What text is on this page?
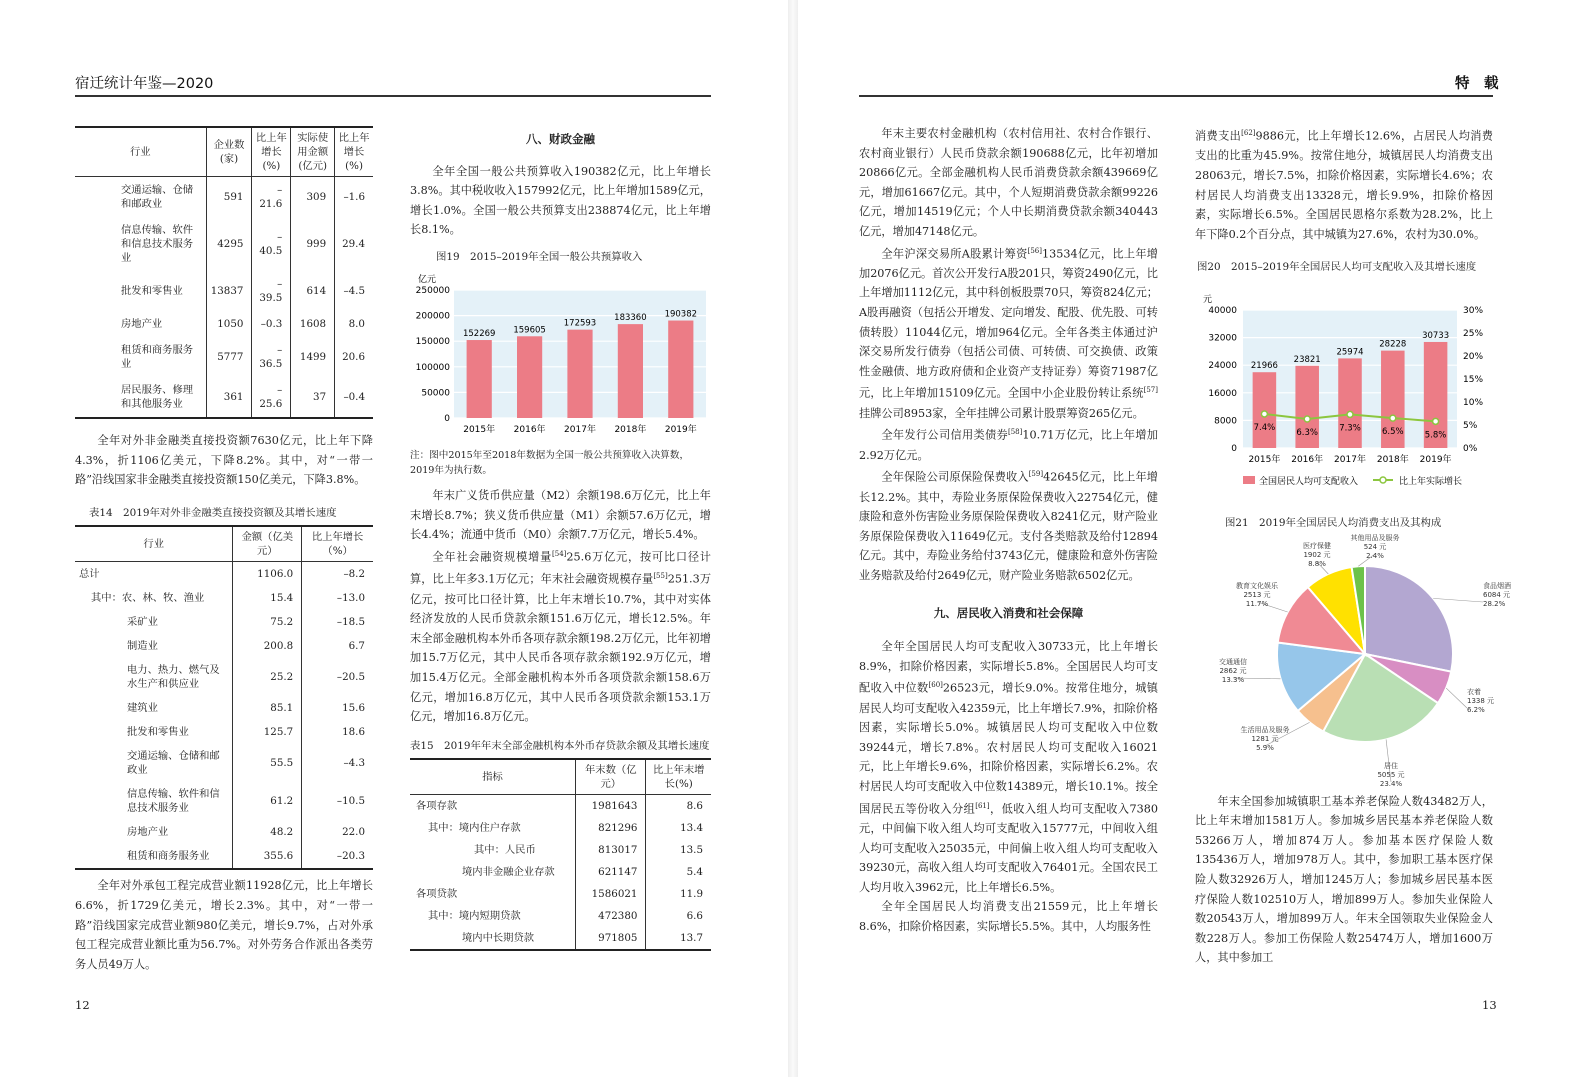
宿迁统计年鉴—2020
行业	企业数(家)	比上年增长(%)	实际使用金额(亿元)	比上年增长(%)
交通运输、仓储和邮政业	591	–21.6	309	–1.6
信息传输、软件和信息技术服务业	4295	–40.5	999	29.4
批发和零售业	13837	–39.5	614	–4.5
房地产业	1050	–0.3	1608	8.0
租赁和商务服务业	5777	–36.5	1499	20.6
居民服务、修理和其他服务业	361	–25.6	37	–0.4

全年对外非金融类直接投资额7630亿元，比上年下降4.3%，折1106亿美元，下降8.2%。其中，对“一带一路”沿线国家非金融类直接投资额150亿美元，下降3.8%。

表14　2019年对外非金融类直接投资额及其增长速度
行业	金额（亿美元）	比上年增长（%）
总计	1106.0	–8.2
其中：农、林、牧、渔业	15.4	–13.0
采矿业	75.2	–18.5
制造业	200.8	6.7
电力、热力、燃气及水生产和供应业	25.2	–20.5
建筑业	85.1	15.6
批发和零售业	125.7	18.6
交通运输、仓储和邮政业	55.5	–4.3
信息传输、软件和信息技术服务业	61.2	–10.5
房地产业	48.2	22.0
租赁和商务服务业	355.6	–20.3

全年对外承包工程完成营业额11928亿元，比上年增长6.6%，折1729亿美元，增长2.3%。其中，对“一带一路”沿线国家完成营业额980亿美元，增长9.7%，占对外承包工程完成营业额比重为56.7%。对外劳务合作派出各类劳务人员49万人。

八、财政金融

全年全国一般公共预算收入190382亿元，比上年增长3.8%。其中税收收入157992亿元，比上年增加1589亿元，增长1.0%。全国一般公共预算支出238874亿元，比上年增长8.1%。

图19　2015–2019年全国一般公共预算收入
亿元
0
50000
100000
150000
200000
250000
152269
2015年
159605
2016年
172593
2017年
183360
2018年
190382
2019年

注：图中2015年至2018年数据为全国一般公共预算收入决算数，2019年为执行数。

年末广义货币供应量（M2）余额198.6万亿元，比上年末增长8.7%；狭义货币供应量（M1）余额57.6万亿元，增长4.4%；流通中货币（M0）余额7.7万亿元，增长5.4%。

全年社会融资规模增量[54]25.6万亿元，按可比口径计算，比上年多3.1万亿元；年末社会融资规模存量[55]251.3万亿元，按可比口径计算，比上年末增长10.7%，其中对实体经济发放的人民币贷款余额151.6万亿元，增长12.5%。年末全部金融机构本外币各项存款余额198.2万亿元，比年初增加15.7万亿元，其中人民币各项存款余额192.9万亿元，增加15.4万亿元。全部金融机构本外币各项贷款余额158.6万亿元，增加16.8万亿元，其中人民币各项贷款余额153.1万亿元，增加16.8万亿元。

表15　2019年年末全部金融机构本外币存贷款余额及其增长速度
指标	年末数（亿元）	比上年末增长(%)
各项存款	1981643	8.6
其中：境内住户存款	821296	13.4
其中：人民币	813017	13.5
境内非金融企业存款	621147	5.4
各项贷款	1586021	11.9
其中：境内短期贷款	472380	6.6
境内中长期贷款	971805	13.7
12
特　载

年末主要农村金融机构（农村信用社、农村合作银行、农村商业银行）人民币贷款余额190688亿元，比年初增加20866亿元。全部金融机构人民币消费贷款余额439669亿元，增加61667亿元。其中，个人短期消费贷款余额99226亿元，增加14519亿元；个人中长期消费贷款余额340443亿元，增加47148亿元。

全年沪深交易所A股累计筹资[56]13534亿元，比上年增加2076亿元。首次公开发行A股201只，筹资2490亿元，比上年增加1112亿元，其中科创板股票70只，筹资824亿元；A股再融资（包括公开增发、定向增发、配股、优先股、可转债转股）11044亿元，增加964亿元。全年各类主体通过沪深交易所发行债券（包括公司债、可转债、可交换债、政策性金融债、地方政府债和企业资产支持证券）筹资71987亿元，比上年增加15109亿元。全国中小企业股份转让系统[57]挂牌公司8953家，全年挂牌公司累计股票筹资265亿元。

全年发行公司信用类债券[58]10.71万亿元，比上年增加2.92万亿元。

全年保险公司原保险保费收入[59]42645亿元，比上年增长12.2%。其中，寿险业务原保险保费收入22754亿元，健康险和意外伤害险业务原保险保费收入8241亿元，财产险业务原保险保费收入11649亿元。支付各类赔款及给付12894亿元。其中，寿险业务给付3743亿元，健康险和意外伤害险业务赔款及给付2649亿元，财产险业务赔款6502亿元。

九、居民收入消费和社会保障

全年全国居民人均可支配收入30733元，比上年增长8.9%，扣除价格因素，实际增长5.8%。全国居民人均可支配收入中位数[60]26523元，增长9.0%。按常住地分，城镇居民人均可支配收入42359元，比上年增长7.9%，扣除价格因素，实际增长5.0%。城镇居民人均可支配收入中位数39244元，增长7.8%。农村居民人均可支配收入16021元，比上年增长9.6%，扣除价格因素，实际增长6.2%。农村居民人均可支配收入中位数14389元，增长10.1%。按全国居民五等份收入分组[61]，低收入组人均可支配收入7380元，中间偏下收入组人均可支配收入15777元，中间收入组人均可支配收入25035元，中间偏上收入组人均可支配收入39230元，高收入组人均可支配收入76401元。全国农民工人均月收入3962元，比上年增长6.5%。

全年全国居民人均消费支出21559元，比上年增长8.6%，扣除价格因素，实际增长5.5%。其中，人均服务性

消费支出[62]9886元，比上年增长12.6%，占居民人均消费支出的比重为45.9%。按常住地分，城镇居民人均消费支出28063元，增长7.5%，扣除价格因素，实际增长4.6%；农村居民人均消费支出13328元，增长9.9%，扣除价格因素，实际增长6.5%。全国居民恩格尔系数为28.2%，比上年下降0.2个百分点，其中城镇为27.6%，农村为30.0%。

图20　2015–2019年全国居民人均可支配收入及其增长速度
元
0
8000
16000
24000
32000
40000
0%
5%
10%
15%
20%
25%
30%
21966
2015年
23821
2016年
25974
2017年
28228
2018年
30733
2019年
7.4%
6.3% 7.3% 6.5% 5.8%
全国居民人均可支配收入	比上年实际增长
图21　2019年全国居民人均消费支出及其构成
食品烟酒 6084 元 28.2%
衣着 1338 元 6.2%
居住 5055 元 23.4%
生活用品及服务 1281 元 5.9%
交通通信 2862 元 13.3%
教育文化娱乐 2513 元 11.7%
医疗保健 1902 元 8.8%
其他用品及服务 524 元 2.4%

年末全国参加城镇职工基本养老保险人数43482万人，比上年末增加1581万人。参加城乡居民基本养老保险人数53266万人，增加874万人。参加基本医疗保险人数135436万人，增加978万人。其中，参加职工基本医疗保险人数32926万人，增加1245万人；参加城乡居民基本医疗保险人数102510万人，增加899万人。参加失业保险人数20543万人，增加899万人。年末全国领取失业保险金人数228万人。参加工伤保险人数25474万人，增加1600万人，其中参加工

13
